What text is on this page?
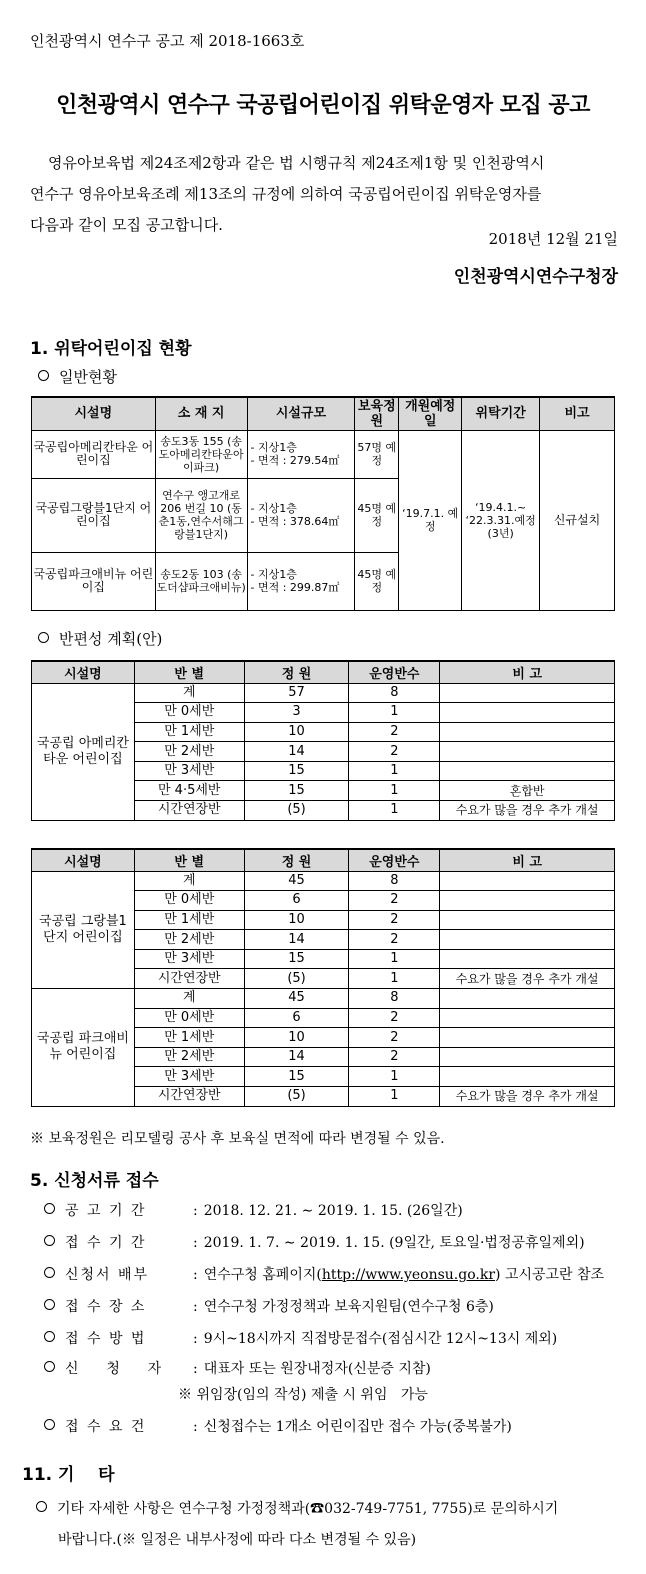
인천광역시 연수구 공고 제 2018-1663호
인천광역시 연수구 국공립어린이집 위탁운영자 모집 공고
영유아보육법 제24조제2항과 같은 법 시행규칙 제24조제1항 및 인천광역시
연수구 영유아보육조례 제13조의 규정에 의하여 국공립어린이집 위탁운영자를
다음과 같이 모집 공고합니다.
2018년 12월 21일
인천광역시연수구청장
1. 위탁어린이집 현황
일반현황
시설명	소 재 지	시설규모	보육정원	개원예정일	위탁기간	비고
국공립아메리칸타운 어린이집	송도3동 155 (송도아메리칸타운아이파크)	- 지상1층
- 면적 : 279.54㎡	57명 예정	‘19.7.1. 예정	‘19.4.1.~ ‘22.3.31.예정 (3년)	신규설치
국공립그랑블1단지 어린이집	연수구 앵고개로206 번길 10 (동춘1동,연수서해그랑블1단지)	- 지상1층
- 면적 : 378.64㎡	45명 예정			
국공립파크애비뉴 어린이집	송도2동 103 (송도더샵파크애비뉴)	- 지상1층
- 면적 : 299.87㎡	45명 예정			
반편성 계획(안)
시설명	반 별	정 원	운영반수	비 고
국공립 아메리칸타운 어린이집	계	57	8	
	만 0세반	3	1	
	만 1세반	10	2	
	만 2세반	14	2	
	만 3세반	15	1	
	만 4·5세반	15	1	혼합반
	시간연장반	(5)	1	수요가 많을 경우 추가 개설
시설명	반 별	정 원	운영반수	비 고
국공립 그랑블1단지 어린이집	계	45	8	
	만 0세반	6	2	
	만 1세반	10	2	
	만 2세반	14	2	
	만 3세반	15	1	
	시간연장반	(5)	1	수요가 많을 경우 추가 개설
국공립 파크애비뉴 어린이집	계	45	8	
	만 0세반	6	2	
	만 1세반	10	2	
	만 2세반	14	2	
	만 3세반	15	1	
	시간연장반	(5)	1	수요가 많을 경우 추가 개설
※ 보육정원은 리모델링 공사 후 보육실 면적에 따라 변경될 수 있음.
5. 신청서류 접수
공 고 기 간	: 2018. 12. 21. ∼ 2019. 1. 15. (26일간)
접 수 기 간	: 2019. 1. 7. ∼ 2019. 1. 15. (9일간, 토요일·법정공휴일제외)
신청서 배부	: 연수구청 홈페이지(http://www.yeonsu.go.kr) 고시공고란 참조
접 수 장 소	: 연수구청 가정정책과 보육지원팀(연수구청 6층)
접 수 방 법	: 9시~18시까지 직접방문접수(점심시간 12시~13시 제외)
신    청    자 : 대표자 또는 원장내정자(신분증 지참)
※ 위임장(임의 작성) 제출 시 위임   가능
접 수 요 건	: 신청접수는 1개소 어린이집만 접수 가능(중복불가)
11. 기    타
기타 자세한 사항은 연수구청 가정정책과(☎032-749-7751, 7755)로 문의하시기
바랍니다.(※ 일정은 내부사정에 따라 다소 변경될 수 있음)
